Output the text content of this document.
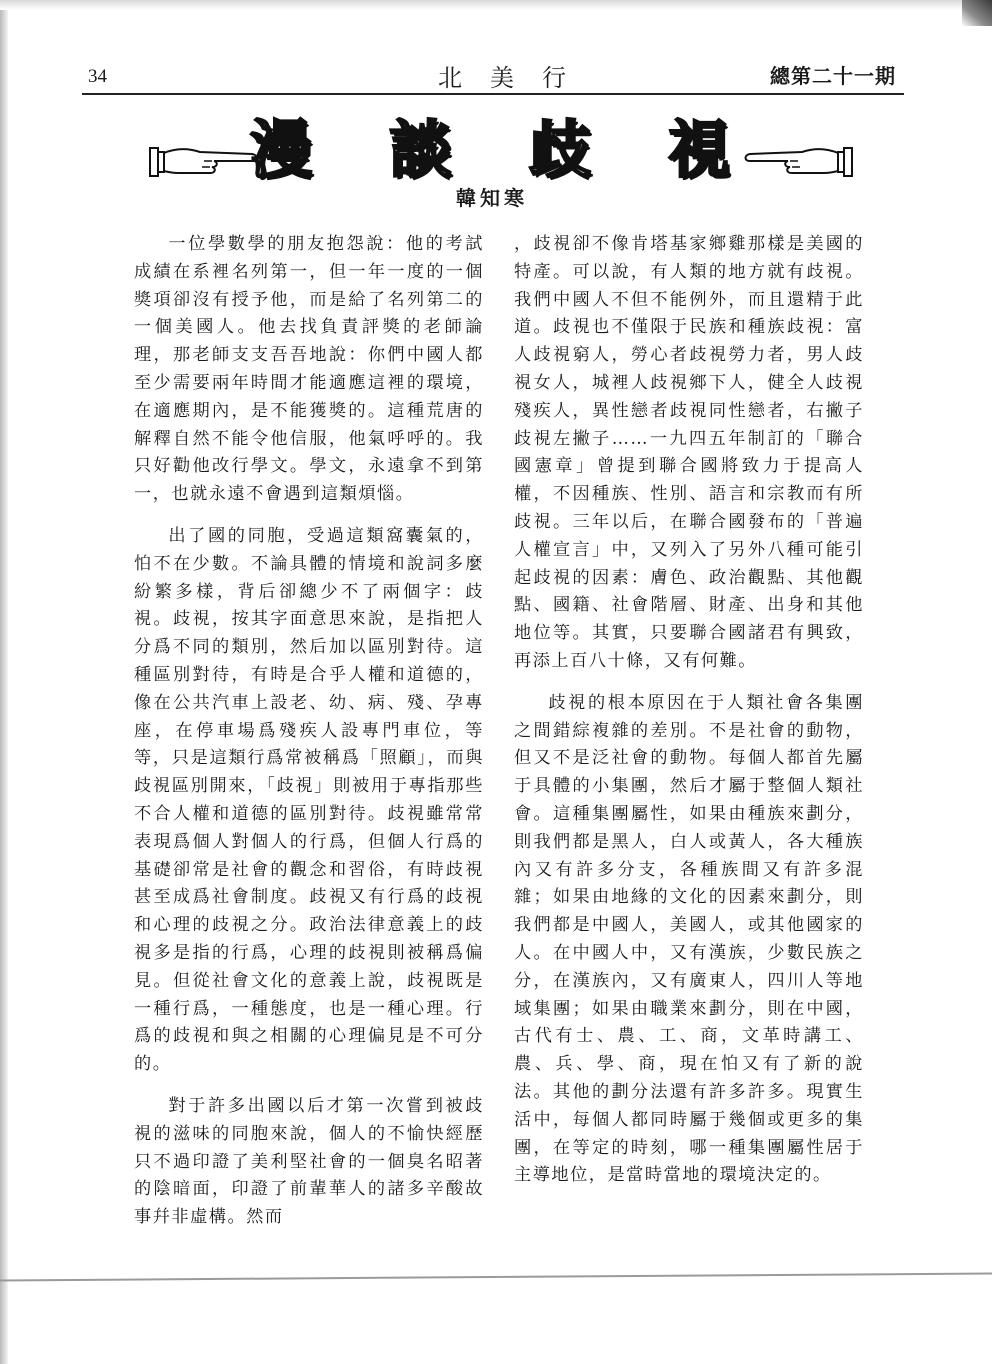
34	北美行	總第二十一期
漫 談 歧 視
韓知寒

一位學數學的朋友抱怨說：他的考試成績在系裡名列第一，但一年一度的一個獎項卻沒有授予他，而是給了名列第二的一個美國人。他去找負責評獎的老師論理，那老師支支吾吾地說：你們中國人都至少需要兩年時間才能適應這裡的環境，在適應期內，是不能獲獎的。這種荒唐的解釋自然不能令他信服，他氣呼呼的。我只好勸他改行學文。學文，永遠拿不到第一，也就永遠不會遇到這類煩惱。

出了國的同胞，受過這類窩囊氣的，怕不在少數。不論具體的情境和說詞多麼紛繁多樣，背后卻總少不了兩個字：歧視。歧視，按其字面意思來說，是指把人分爲不同的類別，然后加以區別對待。這種區別對待，有時是合乎人權和道德的，像在公共汽車上設老、幼、病、殘、孕專座，在停車場爲殘疾人設專門車位，等等，只是這類行爲常被稱爲「照顧」，而與歧視區別開來，「歧視」則被用于專指那些不合人權和道德的區別對待。歧視雖常常表現爲個人對個人的行爲，但個人行爲的基礎卻常是社會的觀念和習俗，有時歧視甚至成爲社會制度。歧視又有行爲的歧視和心理的歧視之分。政治法律意義上的歧視多是指的行爲，心理的歧視則被稱爲偏見。但從社會文化的意義上說，歧視既是一種行爲，一種態度，也是一種心理。行爲的歧視和與之相關的心理偏見是不可分的。

對于許多出國以后才第一次嘗到被歧視的滋味的同胞來說，個人的不愉快經歷只不過印證了美利堅社會的一個臭名昭著的陰暗面，印證了前輩華人的諸多辛酸故事幷非虛構。然而

，歧視卻不像肯塔基家鄉雞那樣是美國的特產。可以說，有人類的地方就有歧視。我們中國人不但不能例外，而且還精于此道。歧視也不僅限于民族和種族歧視：富人歧視窮人，勞心者歧視勞力者，男人歧視女人，城裡人歧視鄉下人，健全人歧視殘疾人，異性戀者歧視同性戀者，右撇子歧視左撇子……一九四五年制訂的「聯合國憲章」曾提到聯合國將致力于提高人權，不因種族、性別、語言和宗教而有所歧視。三年以后，在聯合國發布的「普遍人權宣言」中，又列入了另外八種可能引起歧視的因素：膚色、政治觀點、其他觀點、國籍、社會階層、財產、出身和其他地位等。其實，只要聯合國諸君有興致，再添上百八十條，又有何難。

歧視的根本原因在于人類社會各集團之間錯綜複雜的差別。不是社會的動物，但又不是泛社會的動物。每個人都首先屬于具體的小集團，然后才屬于整個人類社會。這種集團屬性，如果由種族來劃分，則我們都是黑人，白人或黃人，各大種族內又有許多分支，各種族間又有許多混雜；如果由地緣的文化的因素來劃分，則我們都是中國人，美國人，或其他國家的人。在中國人中，又有漢族，少數民族之分，在漢族內，又有廣東人，四川人等地域集團；如果由職業來劃分，則在中國，古代有士、農、工、商，文革時講工、農、兵、學、商，現在怕又有了新的說法。其他的劃分法還有許多許多。現實生活中，每個人都同時屬于幾個或更多的集團，在等定的時刻，哪一種集團屬性居于主導地位，是當時當地的環境決定的。
